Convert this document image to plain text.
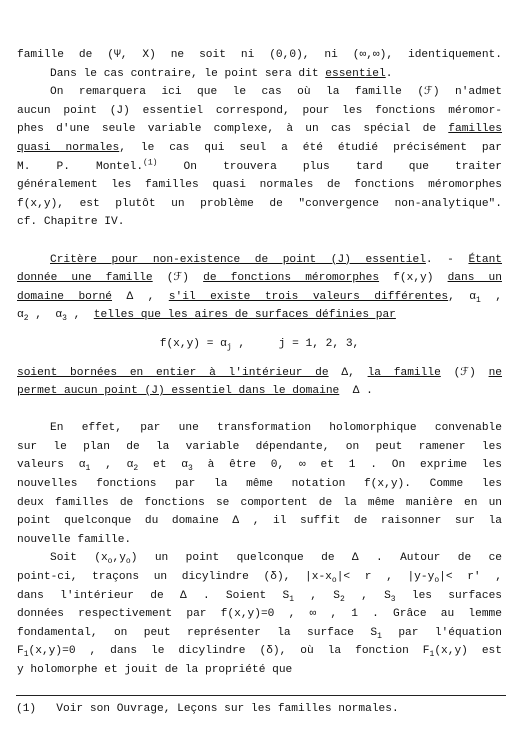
famille de (Ψ, X) ne soit ni (0,0), ni (∞,∞), identiquement.
Dans le cas contraire, le point sera dit essentiel.
On remarquera ici que le cas où la famille (ℱ) n'admet
aucun point (J) essentiel correspond, pour les fonctions méromor-
phes d'une seule variable complexe, à un cas spécial de familles
quasi normales, le cas qui seul a été étudié précisément par
M. P. Montel.$^{(1)}$ On trouvera plus tard que traiter
généralement les familles quasi normales de fonctions méromorphes
f(x,y), est plutôt un problème de "convergence non-analytique".
cf. Chapitre IV.
Critère pour non-existence de point (J) essentiel. - Étant
donnée une famille (ℱ) de fonctions méromorphes f(x,y) dans un
domaine borné Δ , s'il existe trois valeurs différentes, $\alpha_1$ ,
$\alpha_2$ ,  $\alpha_3$ ,  telles que les aires de surfaces définies par
$f(x,y) = \alpha_j$ ,     j = 1, 2, 3,
soient bornées en entier à l'intérieur de Δ, la famille (ℱ) ne
permet aucun point (J) essentiel dans le domaine  Δ .
En effet, par une transformation holomorphique convenable
sur le plan de la variable dépendante, on peut ramener les
valeurs $\alpha_1$ , $\alpha_2$ et $\alpha_3$ à être 0, ∞ et 1 . On exprime les
nouvelles fonctions par la même notation f(x,y). Comme les
deux familles de fonctions se comportent de la même manière en un
point quelconque du domaine Δ , il suffit de raisonner sur la
nouvelle famille.
Soit $(x_o,y_o)$ un point quelconque de Δ . Autour de ce
point-ci, traçons un dicylindre (δ), $|x-x_o|< r$ , $|y-y_o|< r'$ ,
dans l'intérieur de Δ . Soient $S_1$ , $S_2$ , $S_3$ les surfaces
données respectivement par f(x,y)=0 , ∞ , 1 . Grâce au lemme
fondamental, on peut représenter la surface $S_1$ par l'équation
$F_1(x,y)=0$ , dans le dicylindre (δ), où la fonction $F_1(x,y)$ est
y holomorphe et jouit de la propriété que
(1)   Voir son Ouvrage, Leçons sur les familles normales.
